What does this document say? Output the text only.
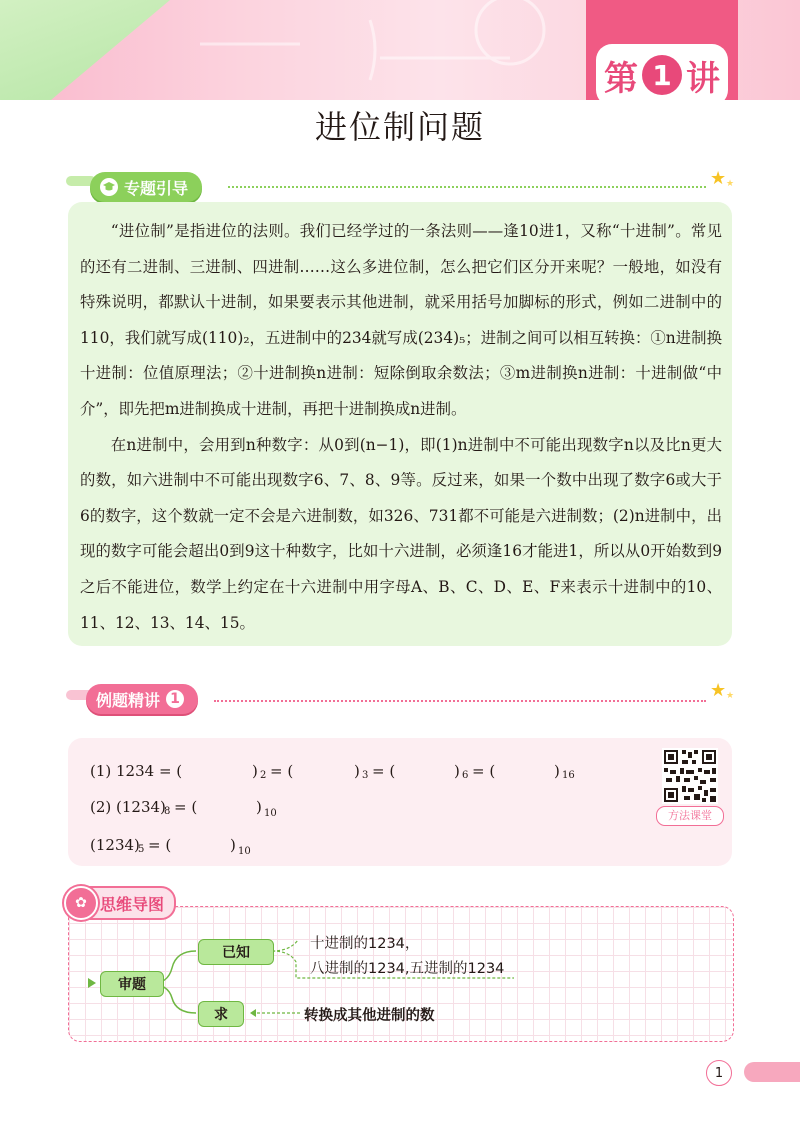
第 1 讲
进位制问题
专题引导	★ ★

“进位制”是指进位的法则。我们已经学过的一条法则——逢10进1，又称“十进制”。常见的还有二进制、三进制、四进制……这么多进位制，怎么把它们区分开来呢？一般地，如没有特殊说明，都默认十进制，如果要表示其他进制，就采用括号加脚标的形式，例如二进制中的110，我们就写成(110)₂，五进制中的234就写成(234)₅；进制之间可以相互转换：①n进制换十进制：位值原理法；②十进制换n进制：短除倒取余数法；③m进制换n进制：十进制做“中介”，即先把m进制换成十进制，再把十进制换成n进制。

在n进制中，会用到n种数字：从0到(n−1)，即(1)n进制中不可能出现数字n以及比n更大的数，如六进制中不可能出现数字6、7、8、9等。反过来，如果一个数中出现了数字6或大于6的数字，这个数就一定不会是六进制数，如326、731都不可能是六进制数；(2)n进制中，出现的数字可能会超出0到9这十种数字，比如十六进制，必须逢16才能进1，所以从0开始数到9之后不能进位，数学上约定在十六进制中用字母A、B、C、D、E、F来表示十进制中的10、11、12、13、14、15。

例题精讲 1	★ ★
(1) 1234 = (	) 2 = (	) 3 = (	) 6 = (	) 16
(2) (1234)
8 = (	) 10
(1234)
5 = (	) 10
方法课堂
思维导图
✿
审题
已知
求
十进制的1234，
八进制的1234,五进制的1234
转换成其他进制的数
1
